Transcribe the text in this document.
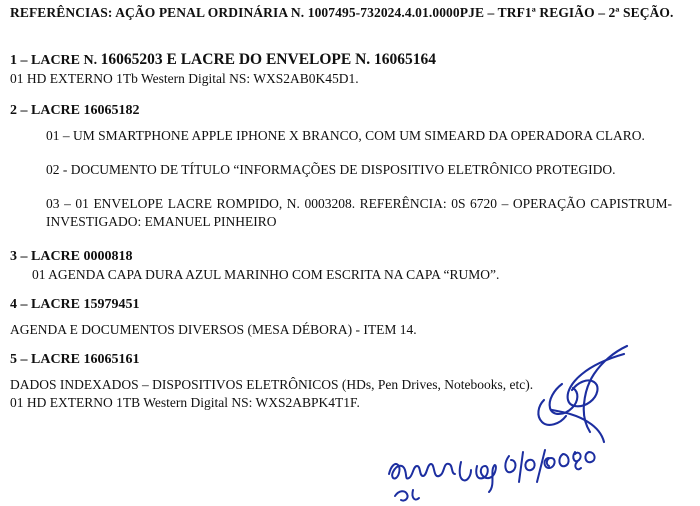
REFERÊNCIAS: AÇÃO PENAL ORDINÁRIA N. 1007495-732024.4.01.0000PJE – TRF1ª REGIÃO – 2ª SEÇÃO.
1 – LACRE N. 16065203 E LACRE DO ENVELOPE N. 16065164
01 HD EXTERNO 1Tb Western Digital NS: WXS2AB0K45D1.
2 – LACRE 16065182
01 – UM SMARTPHONE APPLE IPHONE X BRANCO, COM UM SIMEARD DA OPERADORA CLARO.
02 - DOCUMENTO DE TÍTULO “INFORMAÇÕES DE DISPOSITIVO ELETRÔNICO PROTEGIDO.
03 – 01 ENVELOPE LACRE ROMPIDO, N. 0003208. REFERÊNCIA: 0S 6720 – OPERAÇÃO CAPISTRUM- INVESTIGADO: EMANUEL PINHEIRO
3 – LACRE 0000818
01 AGENDA CAPA DURA AZUL MARINHO COM ESCRITA NA CAPA “RUMO”.
4 – LACRE 15979451
AGENDA E DOCUMENTOS DIVERSOS (MESA DÉBORA) - ITEM 14.
5 – LACRE 16065161
DADOS INDEXADOS – DISPOSITIVOS ELETRÔNICOS (HDs, Pen Drives, Notebooks, etc).
01 HD EXTERNO 1TB Western Digital NS: WXS2ABPK4T1F.
